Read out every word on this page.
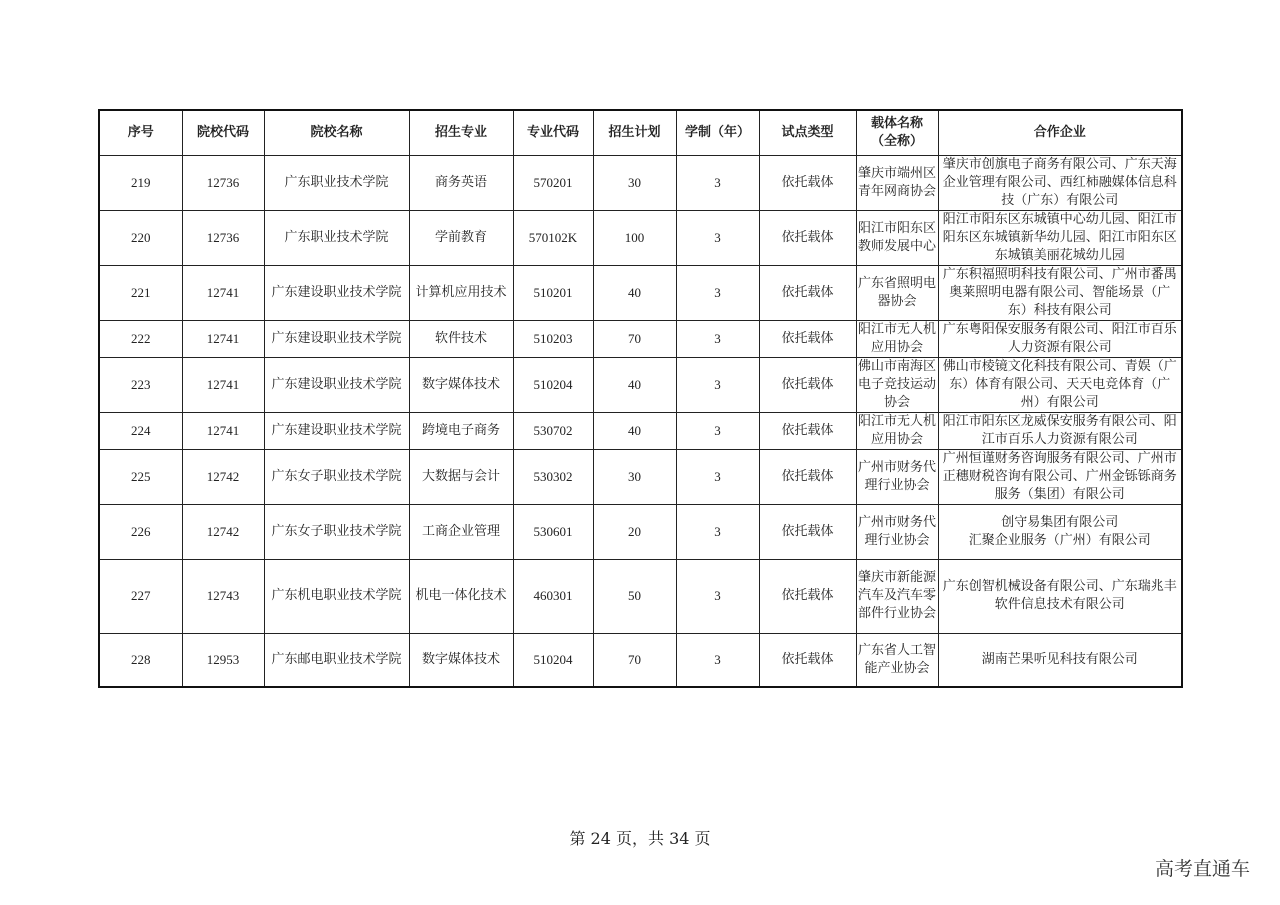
序号	院校代码	院校名称	招生专业	专业代码	招生计划	学制（年）	试点类型	载体名称（全称）	合作企业
219	12736	广东职业技术学院	商务英语	570201	30	3	依托载体	肇庆市端州区青年网商协会	肇庆市创旗电子商务有限公司、广东天海企业管理有限公司、西红柿融媒体信息科技（广东）有限公司
220	12736	广东职业技术学院	学前教育	570102K	100	3	依托载体	阳江市阳东区教师发展中心	阳江市阳东区东城镇中心幼儿园、阳江市阳东区东城镇新华幼儿园、阳江市阳东区东城镇美丽花城幼儿园
221	12741	广东建设职业技术学院	计算机应用技术	510201	40	3	依托载体	广东省照明电器协会	广东积福照明科技有限公司、广州市番禺奥莱照明电器有限公司、智能场景（广东）科技有限公司
222	12741	广东建设职业技术学院	软件技术	510203	70	3	依托载体	阳江市无人机应用协会	广东粤阳保安服务有限公司、阳江市百乐人力资源有限公司
223	12741	广东建设职业技术学院	数字媒体技术	510204	40	3	依托载体	佛山市南海区电子竞技运动协会	佛山市棱镜文化科技有限公司、青娱（广东）体育有限公司、天天电竞体育（广州）有限公司
224	12741	广东建设职业技术学院	跨境电子商务	530702	40	3	依托载体	阳江市无人机应用协会	阳江市阳东区龙威保安服务有限公司、阳江市百乐人力资源有限公司
225	12742	广东女子职业技术学院	大数据与会计	530302	30	3	依托载体	广州市财务代理行业协会	广州恒谨财务咨询服务有限公司、广州市正穗财税咨询有限公司、广州金铄铄商务服务（集团）有限公司
226	12742	广东女子职业技术学院	工商企业管理	530601	20	3	依托载体	广州市财务代理行业协会	创守易集团有限公司
汇聚企业服务（广州）有限公司
227	12743	广东机电职业技术学院	机电一体化技术	460301	50	3	依托载体	肇庆市新能源汽车及汽车零部件行业协会	广东创智机械设备有限公司、广东瑞兆丰软件信息技术有限公司
228	12953	广东邮电职业技术学院	数字媒体技术	510204	70	3	依托载体	广东省人工智能产业协会	湖南芒果听见科技有限公司
第 24 页，共 34 页
高考直通车
